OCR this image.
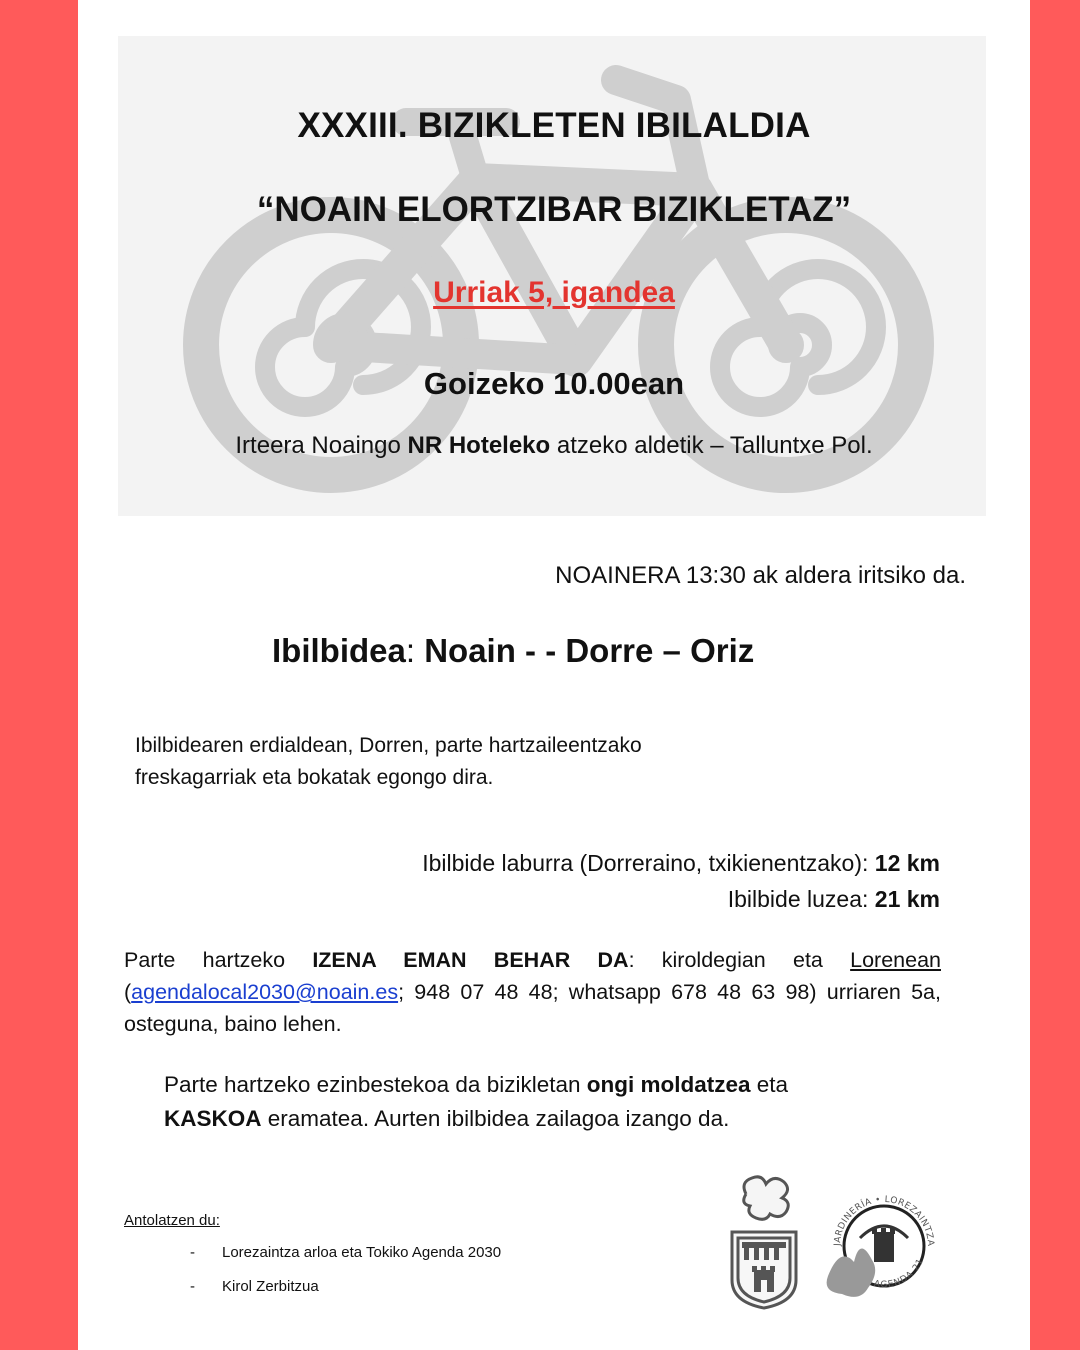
XXXIII. BIZIKLETEN IBILALDIA
“NOAIN ELORTZIBAR BIZIKLETAZ”
Urriak 5, igandea
Goizeko 10.00ean
Irteera Noaingo NR Hoteleko atzeko aldetik – Talluntxe Pol.
NOAINERA 13:30 ak aldera iritsiko da.
Ibilbidea: Noain - - Dorre – Oriz
Ibilbidearen erdialdean, Dorren, parte hartzaileentzako
freskagarriak eta bokatak egongo dira.
Ibilbide laburra (Dorreraino, txikienentzako): 12 km
Ibilbide luzea: 21 km
Parte hartzeko IZENA EMAN BEHAR DA: kiroldegian eta Lorenean (agendalocal2030@noain.es; 948 07 48 48; whatsapp 678 48 63 98) urriaren 5a, osteguna, baino lehen.
Parte hartzeko ezinbestekoa da bizikletan ongi moldatzea eta
KASKOA eramatea. Aurten ibilbidea zailagoa izango da.
Antolatzen du:
- Lorezaintza arloa eta Tokiko Agenda 2030
- Kirol Zerbitzua
JARDINERÍA • LOREZAINTZA
AGENDA 21
